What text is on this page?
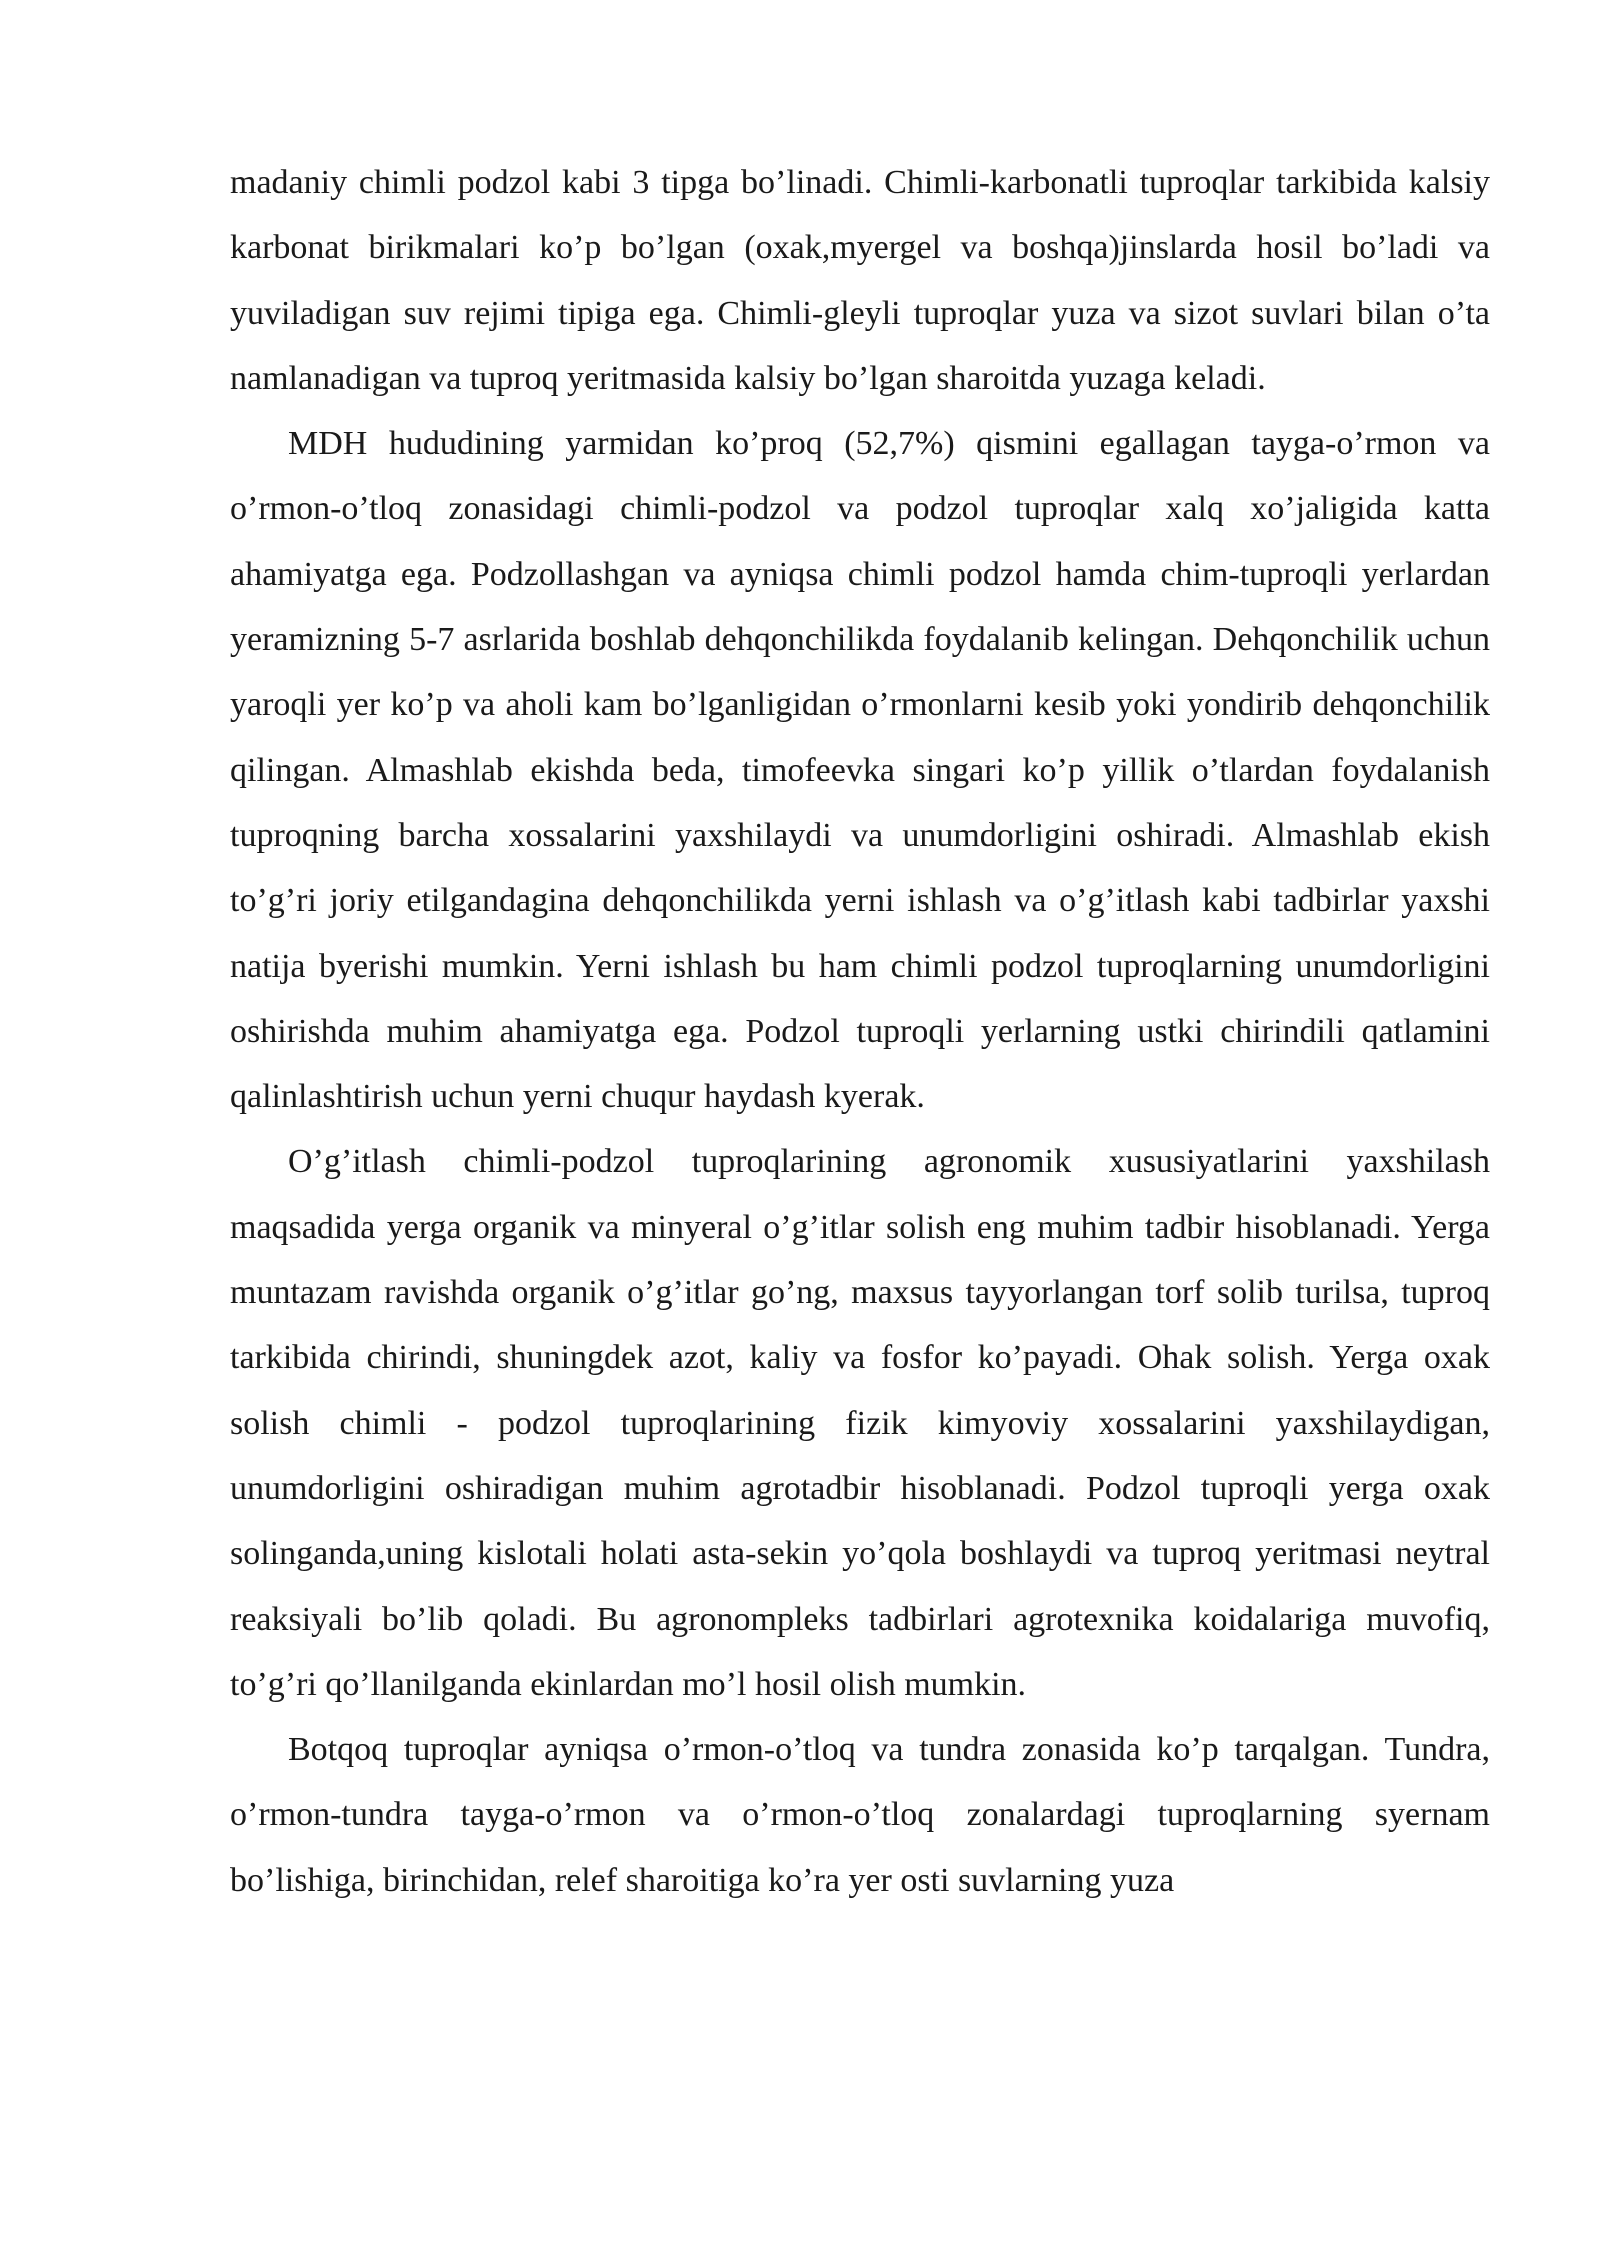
madaniy chimli podzol kabi 3 tipga bo’linadi. Chimli-karbonatli tuproqlar tarkibida kalsiy karbonat birikmalari ko’p bo’lgan (oxak,myergel va boshqa)jinslarda hosil bo’ladi va yuviladigan suv rejimi tipiga ega. Chimli-gleyli tuproqlar yuza va sizot suvlari bilan o’ta namlanadigan va tuproq yeritmasida kalsiy bo’lgan sharoitda yuzaga keladi.

MDH hududining yarmidan ko’proq (52,7%) qismini egallagan tayga-o’rmon va o’rmon-o’tloq zonasidagi chimli-podzol va podzol tuproqlar xalq xo’jaligida katta ahamiyatga ega. Podzollashgan va ayniqsa chimli podzol hamda chim-tuproqli yerlardan yeramizning 5-7 asrlarida boshlab dehqonchilikda foydalanib kelingan. Dehqonchilik uchun yaroqli yer ko’p va aholi kam bo’lganligidan o’rmonlarni kesib yoki yondirib dehqonchilik qilingan. Almashlab ekishda beda, timofeevka singari ko’p yillik o’tlardan foydalanish tuproqning barcha xossalarini yaxshilaydi va unumdorligini oshiradi. Almashlab ekish to’g’ri joriy etilgandagina dehqonchilikda yerni ishlash va o’g’itlash kabi tadbirlar yaxshi natija byerishi mumkin. Yerni ishlash bu ham chimli podzol tuproqlarning unumdorligini oshirishda muhim ahamiyatga ega. Podzol tuproqli yerlarning ustki chirindili qatlamini qalinlashtirish uchun yerni chuqur haydash kyerak.

O’g’itlash chimli-podzol tuproqlarining agronomik xususiyatlarini yaxshilash maqsadida yerga organik va minyeral o’g’itlar solish eng muhim tadbir hisoblanadi. Yerga muntazam ravishda organik o’g’itlar go’ng, maxsus tayyorlangan torf solib turilsa, tuproq tarkibida chirindi, shuningdek azot, kaliy va fosfor ko’payadi. Ohak solish. Yerga oxak solish chimli - podzol tuproqlarining fizik kimyoviy xossalarini yaxshilaydigan, unumdorligini oshiradigan muhim agrotadbir hisoblanadi. Podzol tuproqli yerga oxak solinganda,uning kislotali holati asta-sekin yo’qola boshlaydi va tuproq yeritmasi neytral reaksiyali bo’lib qoladi. Bu agronompleks tadbirlari agrotexnika koidalariga muvofiq, to’g’ri qo’llanilganda ekinlardan mo’l hosil olish mumkin.

Botqoq tuproqlar ayniqsa o’rmon-o’tloq va tundra zonasida ko’p tarqalgan. Tundra, o’rmon-tundra tayga-o’rmon va o’rmon-o’tloq zonalardagi tuproqlarning syernam bo’lishiga, birinchidan, relef sharoitiga ko’ra yer osti suvlarning yuza
